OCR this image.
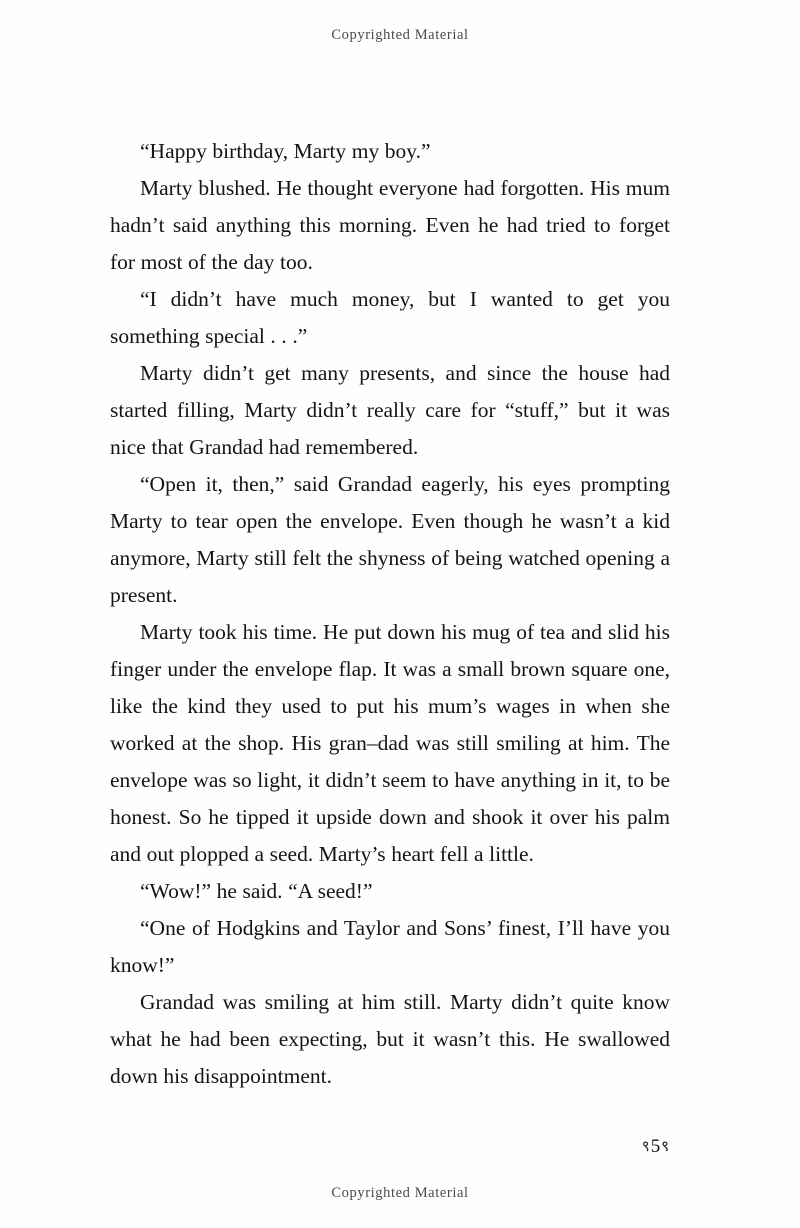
Copyrighted Material

“Happy birthday, Marty my boy.”

Marty blushed. He thought everyone had forgotten. His mum hadn’t said anything this morning. Even he had tried to forget for most of the day too.

“I didn’t have much money, but I wanted to get you something special . . .”

Marty didn’t get many presents, and since the house had started filling, Marty didn’t really care for “stuff,” but it was nice that Grandad had remembered.

“Open it, then,” said Grandad eagerly, his eyes prompting Marty to tear open the envelope. Even though he wasn’t a kid anymore, Marty still felt the shyness of being watched opening a present.

Marty took his time. He put down his mug of tea and slid his finger under the envelope flap. It was a small brown square one, like the kind they used to put his mum’s wages in when she worked at the shop. His gran–dad was still smiling at him. The envelope was so light, it didn’t seem to have anything in it, to be honest. So he tipped it upside down and shook it over his palm and out plopped a seed. Marty’s heart fell a little.

“Wow!” he said. “A seed!”

“One of Hodgkins and Taylor and Sons’ finest, I’ll have you know!”

Grandad was smiling at him still. Marty didn’t quite know what he had been expecting, but it wasn’t this. He swallowed down his disappointment.

९5९
Copyrighted Material
